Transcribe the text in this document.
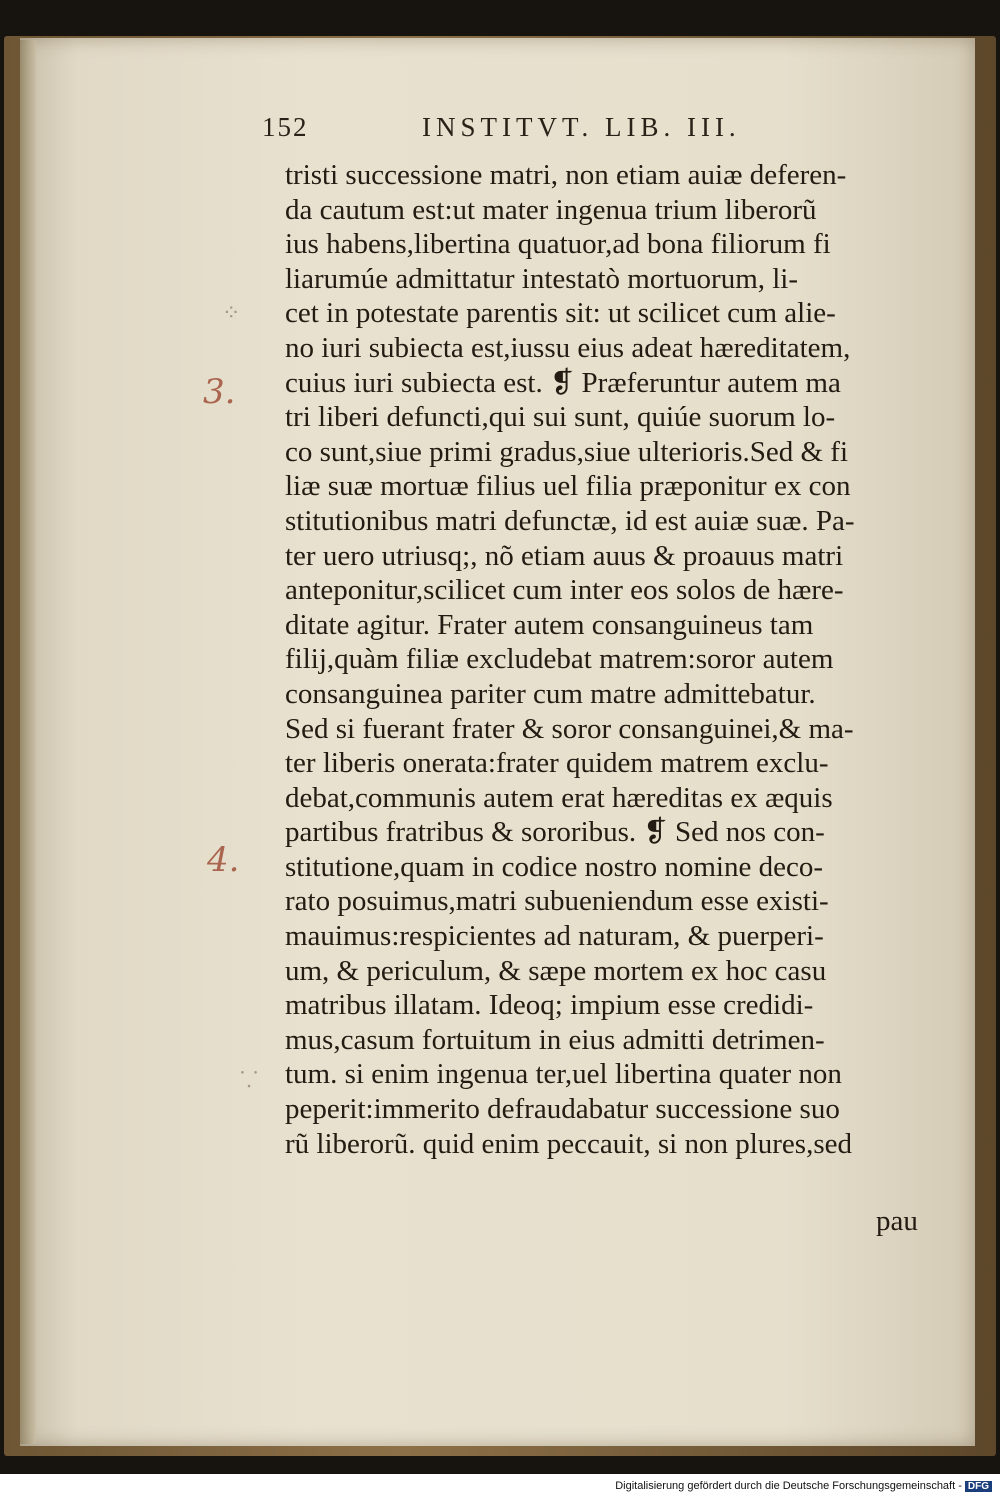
152	INSTITVT. LIB. III.
tristi successione matri, non etiam auiæ deferen-
da cautum est:ut mater ingenua trium liberorũ
ius habens,libertina quatuor,ad bona filiorum fi
liarumúe admittatur intestatò mortuorum, li-
cet in potestate parentis sit: ut scilicet cum alie-
no iuri subiecta est,iussu eius adeat hæreditatem,
cuius iuri subiecta est. ❡ Præferuntur autem ma
tri liberi defuncti,qui sui sunt, quiúe suorum lo-
co sunt,siue primi gradus,siue ulterioris.Sed & fi
liæ suæ mortuæ filius uel filia præponitur ex con
stitutionibus matri defunctæ, id est auiæ suæ. Pa-
ter uero utriusq;, nõ etiam auus & proauus matri
anteponitur,scilicet cum inter eos solos de hære-
ditate agitur. Frater autem consanguineus tam
filij,quàm filiæ excludebat matrem:soror autem
consanguinea pariter cum matre admittebatur.
Sed si fuerant frater & soror consanguinei,& ma-
ter liberis onerata:frater quidem matrem exclu-
debat,communis autem erat hæreditas ex æquis
partibus fratribus & sororibus. ❡ Sed nos con-
stitutione,quam in codice nostro nomine deco-
rato posuimus,matri subueniendum esse existi-
mauimus:respicientes ad naturam, & puerperi-
um, & periculum, & sæpe mortem ex hoc casu
matribus illatam. Ideoq; impium esse credidi-
mus,casum fortuitum in eius admitti detrimen-
tum. si enim ingenua ter,uel libertina quater non
peperit:immerito defraudabatur successione suo
rũ liberorũ. quid enim peccauit, si non plures,sed
pau
3.
4.
⁘
⸪
Digitalisierung gefördert durch die Deutsche Forschungsgemeinschaft - DFG
